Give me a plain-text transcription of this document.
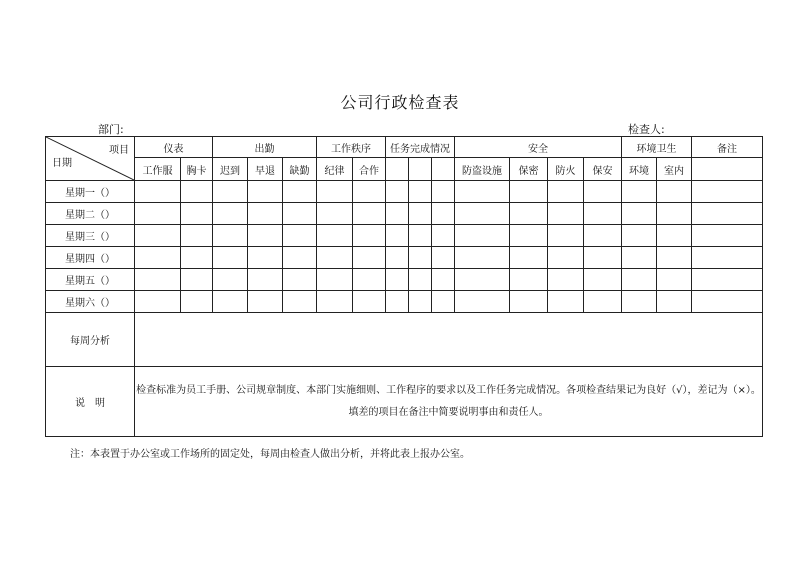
公司行政检查表
部门:	检查人:
项目
日期	仪表		出勤			工作秩序		任务完成情况			安全				环境卫生		备注
	工作服	胸卡	迟到	早退	缺勤	纪律	合作				防盗设施	保密	防火	保安	环境	室内	
星期一（）																	
星期二（）																	
星期三（）																	
星期四（）																	
星期五（）																	
星期六（）																	
每周分析																	
说　明	检查标准为员工手册、公司规章制度、本部门实施细则、工作程序的要求以及工作任务完成情况。各项检查结果记为良好（√），差记为（×）。
填差的项目在备注中简要说明事由和责任人。																
注：本表置于办公室或工作场所的固定处，每周由检查人做出分析，并将此表上报办公室。
